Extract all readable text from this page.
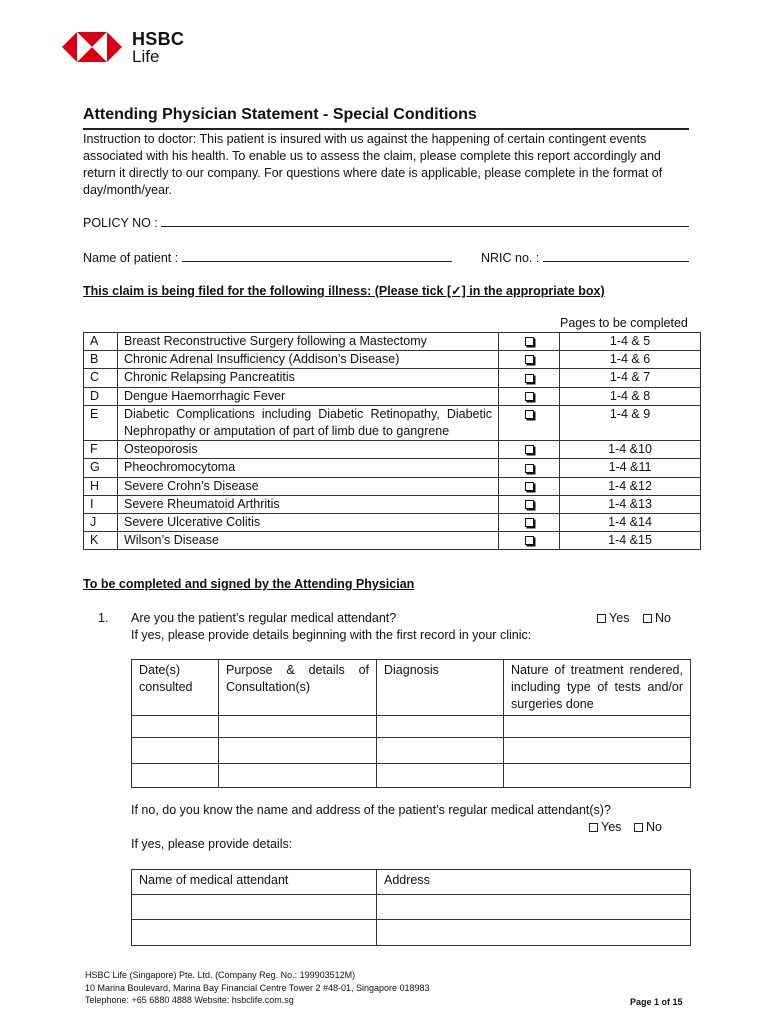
HSBC
Life
Attending Physician Statement - Special Conditions
Instruction to doctor: This patient is insured with us against the happening of certain contingent events associated with his health. To enable us to assess the claim, please complete this report accordingly and return it directly to our company. For questions where date is applicable, please complete in the format of day/month/year.
POLICY NO :
Name of patient :	NRIC no. :
This claim is being filed for the following illness: (Please tick [✓] in the appropriate box)
Pages to be completed
A	Breast Reconstructive Surgery following a Mastectomy		1-4 & 5
B	Chronic Adrenal Insufficiency (Addison’s Disease)		1-4 & 6
C	Chronic Relapsing Pancreatitis		1-4 & 7
D	Dengue Haemorrhagic Fever		1-4 & 8
E	Diabetic Complications including Diabetic Retinopathy, Diabetic Nephropathy or amputation of part of limb due to gangrene		1-4 & 9
F	Osteoporosis		1-4 &10
G	Pheochromocytoma		1-4 &11
H	Severe Crohn’s Disease		1-4 &12
I	Severe Rheumatoid Arthritis		1-4 &13
J	Severe Ulcerative Colitis		1-4 &14
K	Wilson’s Disease		1-4 &15
To be completed and signed by the Attending Physician
1. Are you the patient’s regular medical attendant?	Yes	No
If yes, please provide details beginning with the first record in your clinic:
Date(s) consulted	Purpose & details of Consultation(s)	Diagnosis	Nature of treatment rendered, including type of tests and/or surgeries done

If no, do you know the name and address of the patient’s regular medical attendant(s)?
Yes	No
If yes, please provide details:
Name of medical attendant	Address

HSBC Life (Singapore) Pte. Ltd. (Company Reg. No.: 199903512M)
10 Marina Boulevard, Marina Bay Financial Centre Tower 2 #48-01, Singapore 018983
Telephone: +65 6880 4888 Website: hsbclife.com.sg	Page 1 of 15
